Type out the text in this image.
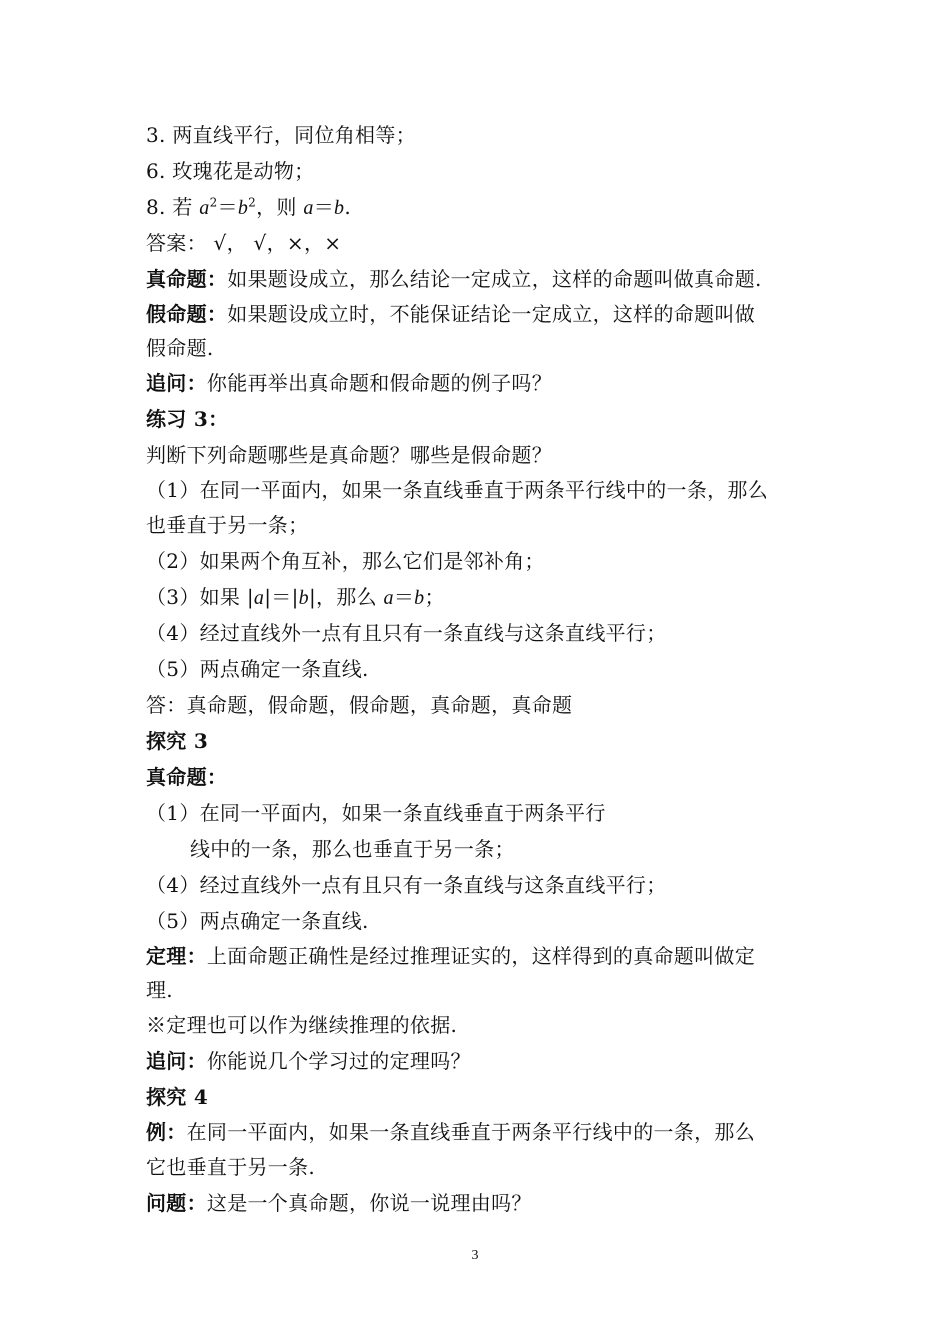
3. 两直线平行，同位角相等；
6. 玫瑰花是动物；
8. 若 $a^2=b^2$，则 a＝b.
答案： √， √，×，×
真命题：如果题设成立，那么结论一定成立，这样的命题叫做真命题.
假命题：如果题设成立时，不能保证结论一定成立，这样的命题叫做
假命题.
追问：你能再举出真命题和假命题的例子吗？
练习 3：
判断下列命题哪些是真命题？哪些是假命题？
（1）在同一平面内，如果一条直线垂直于两条平行线中的一条，那么
也垂直于另一条；
（2）如果两个角互补，那么它们是邻补角；
（3）如果 |a|＝|b|，那么 a＝b；
（4）经过直线外一点有且只有一条直线与这条直线平行；
（5）两点确定一条直线.
答：真命题，假命题，假命题，真命题，真命题
探究 3
真命题：
（1）在同一平面内，如果一条直线垂直于两条平行
线中的一条，那么也垂直于另一条；
（4）经过直线外一点有且只有一条直线与这条直线平行；
（5）两点确定一条直线.
定理：上面命题正确性是经过推理证实的，这样得到的真命题叫做定
理.
※定理也可以作为继续推理的依据.
追问：你能说几个学习过的定理吗？
探究 4
例：在同一平面内，如果一条直线垂直于两条平行线中的一条，那么
它也垂直于另一条.
问题：这是一个真命题，你说一说理由吗？
3
